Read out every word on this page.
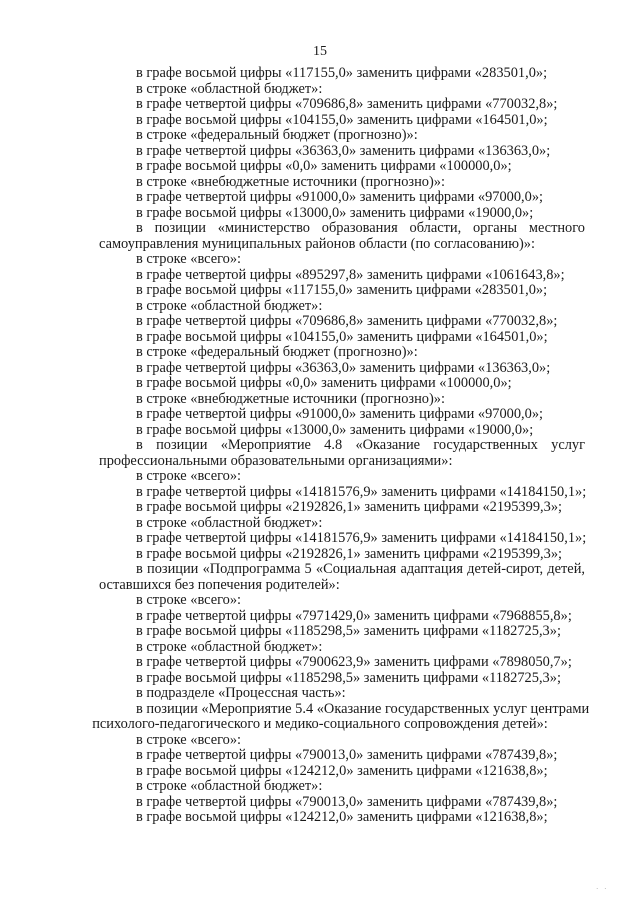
15
в графе восьмой цифры «117155,0» заменить цифрами «283501,0»;
в строке «областной бюджет»:
в графе четвертой цифры «709686,8» заменить цифрами «770032,8»;
в графе восьмой цифры «104155,0» заменить цифрами «164501,0»;
в строке «федеральный бюджет (прогнозно)»:
в графе четвертой цифры «36363,0» заменить цифрами «136363,0»;
в графе восьмой цифры «0,0» заменить цифрами «100000,0»;
в строке «внебюджетные источники (прогнозно)»:
в графе четвертой цифры «91000,0» заменить цифрами «97000,0»;
в графе восьмой цифры «13000,0» заменить цифрами «19000,0»;
в позиции «министерство образования области, органы местного
самоуправления муниципальных районов области (по согласованию)»:
в строке «всего»:
в графе четвертой цифры «895297,8» заменить цифрами «1061643,8»;
в графе восьмой цифры «117155,0» заменить цифрами «283501,0»;
в строке «областной бюджет»:
в графе четвертой цифры «709686,8» заменить цифрами «770032,8»;
в графе восьмой цифры «104155,0» заменить цифрами «164501,0»;
в строке «федеральный бюджет (прогнозно)»:
в графе четвертой цифры «36363,0» заменить цифрами «136363,0»;
в графе восьмой цифры «0,0» заменить цифрами «100000,0»;
в строке «внебюджетные источники (прогнозно)»:
в графе четвертой цифры «91000,0» заменить цифрами «97000,0»;
в графе восьмой цифры «13000,0» заменить цифрами «19000,0»;
в позиции «Мероприятие 4.8 «Оказание государственных услуг
профессиональными образовательными организациями»:
в строке «всего»:
в графе четвертой цифры «14181576,9» заменить цифрами «14184150,1»;
в графе восьмой цифры «2192826,1» заменить цифрами «2195399,3»;
в строке «областной бюджет»:
в графе четвертой цифры «14181576,9» заменить цифрами «14184150,1»;
в графе восьмой цифры «2192826,1» заменить цифрами «2195399,3»;
в позиции «Подпрограмма 5 «Социальная адаптация детей-сирот, детей,
оставшихся без попечения родителей»:
в строке «всего»:
в графе четвертой цифры «7971429,0» заменить цифрами «7968855,8»;
в графе восьмой цифры «1185298,5» заменить цифрами «1182725,3»;
в строке «областной бюджет»:
в графе четвертой цифры «7900623,9» заменить цифрами «7898050,7»;
в графе восьмой цифры «1185298,5» заменить цифрами «1182725,3»;
в подразделе «Процессная часть»:
в позиции «Мероприятие 5.4 «Оказание государственных услуг центрами
психолого-педагогического и медико-социального сопровождения детей»:
в строке «всего»:
в графе четвертой цифры «790013,0» заменить цифрами «787439,8»;
в графе восьмой цифры «124212,0» заменить цифрами «121638,8»;
в строке «областной бюджет»:
в графе четвертой цифры «790013,0» заменить цифрами «787439,8»;
в графе восьмой цифры «124212,0» заменить цифрами «121638,8»;
· ·
